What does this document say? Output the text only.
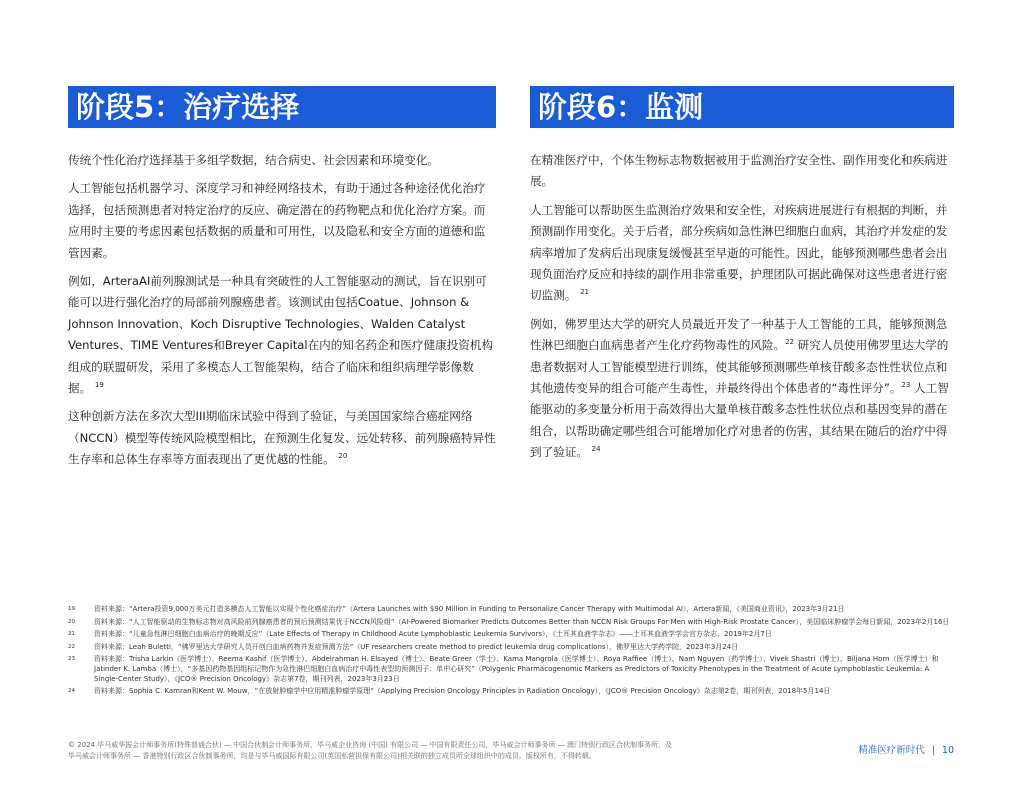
阶段5：治疗选择

传统个性化治疗选择基于多组学数据，结合病史、社会因素和环境变化。

人工智能包括机器学习、深度学习和神经网络技术，有助于通过各种途径优化治疗选择，包括预测患者对特定治疗的反应、确定潜在的药物靶点和优化治疗方案。而应用时主要的考虑因素包括数据的质量和可用性，以及隐私和安全方面的道德和监管因素。

例如，ArteraAI前列腺测试是一种具有突破性的人工智能驱动的测试，旨在识别可能可以进行强化治疗的局部前列腺癌患者。该测试由包括Coatue、Johnson & Johnson Innovation、Koch Disruptive Technologies、Walden Catalyst Ventures、TIME Ventures和Breyer Capital在内的知名药企和医疗健康投资机构组成的联盟研发，采用了多模态人工智能架构，结合了临床和组织病理学影像数据。 $^{19}$

这种创新方法在多次大型III期临床试验中得到了验证，与美国国家综合癌症网络（NCCN）模型等传统风险模型相比，在预测生化复发、远处转移、前列腺癌特异性生存率和总体生存率等方面表现出了更优越的性能。 $^{20}$

阶段6：监测

在精准医疗中，个体生物标志物数据被用于监测治疗安全性、副作用变化和疾病进展。

人工智能可以帮助医生监测治疗效果和安全性，对疾病进展进行有根据的判断，并预测副作用变化。关于后者，部分疾病如急性淋巴细胞白血病，其治疗并发症的发病率增加了发病后出现康复缓慢甚至早逝的可能性。因此，能够预测哪些患者会出现负面治疗反应和持续的副作用非常重要，护理团队可据此确保对这些患者进行密切监测。 $^{21}$

例如，佛罗里达大学的研究人员最近开发了一种基于人工智能的工具，能够预测急性淋巴细胞白血病患者产生化疗药物毒性的风险。$^{22}$ 研究人员使用佛罗里达大学的患者数据对人工智能模型进行训练，使其能够预测哪些单核苷酸多态性性状位点和其他遗传变异的组合可能产生毒性，并最终得出个体患者的“毒性评分”。$^{23}$ 人工智能驱动的多变量分析用于高效得出大量单核苷酸多态性性状位点和基因变异的潜在组合，以帮助确定哪些组合可能增加化疗对患者的伤害，其结果在随后的治疗中得到了验证。 $^{24}$

19	资料来源：“Artera投资9,000万美元打造多模态人工智能以实现个性化癌症治疗”（Artera Launches with $90 Million in Funding to Personalize Cancer Therapy with Multimodal AI），Artera新闻，《美国商业资讯》，2023年3月21日
20	资料来源：“人工智能驱动的生物标志物对高风险前列腺癌患者的预后预测结果优于NCCN风险组”（AI-Powered Biomarker Predicts Outcomes Better than NCCN Risk Groups For Men with High-Risk Prostate Cancer），美国临床肿瘤学会每日新闻，2023年2月16日
21	资料来源：“儿童急性淋巴细胞白血病治疗的晚期反应”（Late Effects of Therapy in Childhood Acute Lymphoblastic Leukemia Survivors），《土耳其血液学杂志》——土耳其血液学学会官方杂志，2019年2月7日
22	资料来源：Leah Buletti，“佛罗里达大学研究人员开创白血病药物并发症预测方法”（UF researchers create method to predict leukemia drug complications），佛罗里达大学药学院，2023年3月24日
23	资料来源：Trisha Larkin（医学博士）、Reema Kashif（医学博士）、Abdelrahman H. Elsayed（博士）、Beate Greer（学士）、Kama Mangrola（医学博士）、Roya Raffiee（博士）、Nam Nguyen（药学博士）、Vivek Shastri（博士）、Biljana Horn（医学博士）和Jatinder K. Lamba（博士），“多基因药物基因组标记物作为急性淋巴细胞白血病治疗中毒性表型的预测因子：单中心研究”（Polygenic Pharmacogenomic Markers as Predictors of Toxicity Phenotypes in the Treatment of Acute Lymphoblastic Leukemia: A Single-Center Study），《JCO® Precision Oncology》杂志第7卷，期刊列表，2023年3月23日
24	资料来源：Sophia C. Kamran和Kent W. Mouw，“在放射肿瘤学中应用精准肿瘤学原理”（Applying Precision Oncology Principles in Radiation Oncology），《JCO® Precision Oncology》杂志第2卷，期刊列表，2018年5月14日
© 2024 毕马威华振会计师事务所(特殊普通合伙) — 中国合伙制会计师事务所，毕马威企业咨询 (中国) 有限公司 — 中国有限责任公司，毕马威会计师事务所 — 澳门特别行政区合伙制事务所，及毕马威会计师事务所 — 香港特别行政区合伙制事务所，均是与毕马威国际有限公司(英国私营担保有限公司)相关联的独立成员所全球组织中的成员。版权所有，不得转载。	精准医疗新时代 | 10
